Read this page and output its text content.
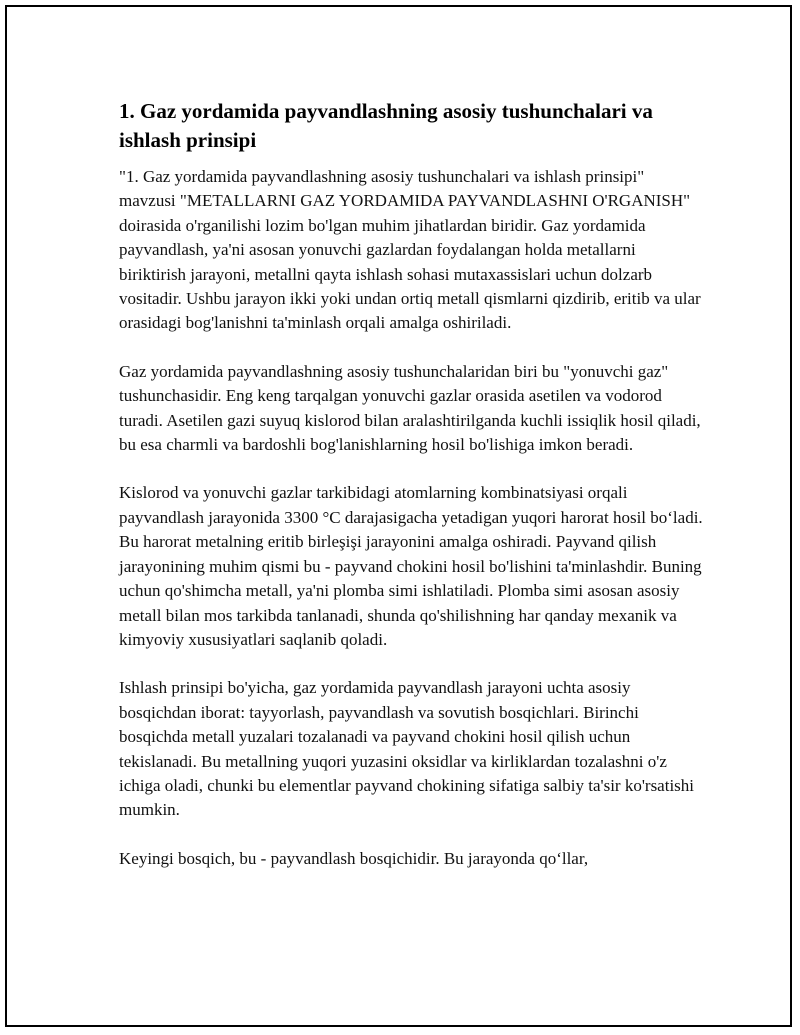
1. Gaz yordamida payvandlashning asosiy tushunchalari va ishlash prinsipi

"1. Gaz yordamida payvandlashning asosiy tushunchalari va ishlash prinsipi" mavzusi "METALLARNI GAZ YORDAMIDA PAYVANDLASHNI O'RGANISH" doirasida o'rganilishi lozim bo'lgan muhim jihatlardan biridir. Gaz yordamida payvandlash, ya'ni asosan yonuvchi gazlardan foydalangan holda metallarni biriktirish jarayoni, metallni qayta ishlash sohasi mutaxassislari uchun dolzarb vositadir. Ushbu jarayon ikki yoki undan ortiq metall qismlarni qizdirib, eritib va ular orasidagi bog'lanishni ta'minlash orqali amalga oshiriladi.

Gaz yordamida payvandlashning asosiy tushunchalaridan biri bu "yonuvchi gaz" tushunchasidir. Eng keng tarqalgan yonuvchi gazlar orasida asetilen va vodorod turadi. Asetilen gazi suyuq kislorod bilan aralashtirilganda kuchli issiqlik hosil qiladi, bu esa charmli va bardoshli bog'lanishlarning hosil bo'lishiga imkon beradi.

Kislorod va yonuvchi gazlar tarkibidagi atomlarning kombinatsiyasi orqali payvandlash jarayonida 3300 °C darajasigacha yetadigan yuqori harorat hosil bo‘ladi. Bu harorat metalning eritib birleşişi jarayonini amalga oshiradi. Payvand qilish jarayonining muhim qismi bu - payvand chokini hosil bo'lishini ta'minlashdir. Buning uchun qo'shimcha metall, ya'ni plomba simi ishlatiladi. Plomba simi asosan asosiy metall bilan mos tarkibda tanlanadi, shunda qo'shilishning har qanday mexanik va kimyoviy xususiyatlari saqlanib qoladi.

Ishlash prinsipi bo'yicha, gaz yordamida payvandlash jarayoni uchta asosiy bosqichdan iborat: tayyorlash, payvandlash va sovutish bosqichlari. Birinchi bosqichda metall yuzalari tozalanadi va payvand chokini hosil qilish uchun tekislanadi. Bu metallning yuqori yuzasini oksidlar va kirliklardan tozalashni o'z ichiga oladi, chunki bu elementlar payvand chokining sifatiga salbiy ta'sir ko'rsatishi mumkin.

Keyingi bosqich, bu - payvandlash bosqichidir. Bu jarayonda qo‘llar,
